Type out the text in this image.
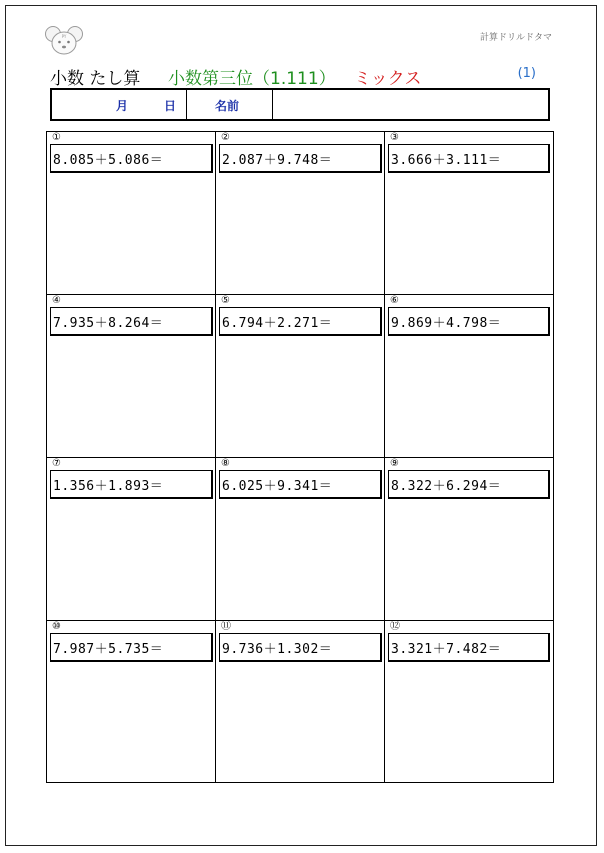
PY	計算ドリルドタマ
小数 たし算 小数第三位（1.111） ミックス	(1)
月	日	名前
①
8.085＋5.086＝
②
2.087＋9.748＝
③
3.666＋3.111＝
④
7.935＋8.264＝
⑤
6.794＋2.271＝
⑥
9.869＋4.798＝
⑦
1.356＋1.893＝
⑧
6.025＋9.341＝
⑨
8.322＋6.294＝
⑩
7.987＋5.735＝
⑪
9.736＋1.302＝
⑫
3.321＋7.482＝
